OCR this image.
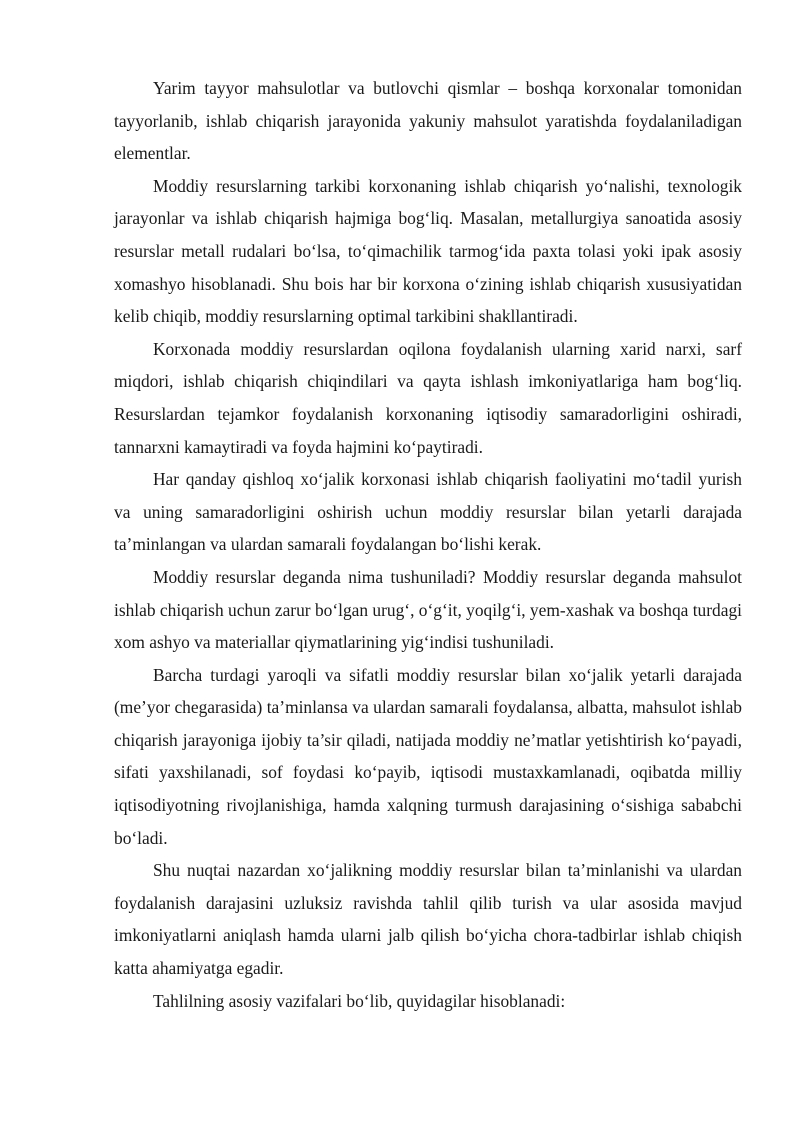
Yarim tayyor mahsulotlar va butlovchi qismlar – boshqa korxonalar tomonidan tayyorlanib, ishlab chiqarish jarayonida yakuniy mahsulot yaratishda foydalaniladigan elementlar.

Moddiy resurslarning tarkibi korxonaning ishlab chiqarish yo‘nalishi, texnologik jarayonlar va ishlab chiqarish hajmiga bog‘liq. Masalan, metallurgiya sanoatida asosiy resurslar metall rudalari bo‘lsa, to‘qimachilik tarmog‘ida paxta tolasi yoki ipak asosiy xomashyo hisoblanadi. Shu bois har bir korxona o‘zining ishlab chiqarish xususiyatidan kelib chiqib, moddiy resurslarning optimal tarkibini shakllantiradi.

Korxonada moddiy resurslardan oqilona foydalanish ularning xarid narxi, sarf miqdori, ishlab chiqarish chiqindilari va qayta ishlash imkoniyatlariga ham bog‘liq. Resurslardan tejamkor foydalanish korxonaning iqtisodiy samaradorligini oshiradi, tannarxni kamaytiradi va foyda hajmini ko‘paytiradi.

Har qanday qishloq xo‘jalik korxonasi ishlab chiqarish faoliyatini mo‘tadil yurish va uning samaradorligini oshirish uchun moddiy resurslar bilan yetarli darajada ta’minlangan va ulardan samarali foydalangan bo‘lishi kerak.

Moddiy resurslar deganda nima tushuniladi? Moddiy resurslar deganda mahsulot ishlab chiqarish uchun zarur bo‘lgan urug‘, o‘g‘it, yoqilg‘i, yem-xashak va boshqa turdagi xom ashyo va materiallar qiymatlarining yig‘indisi tushuniladi.

Barcha turdagi yaroqli va sifatli moddiy resurslar bilan xo‘jalik yetarli darajada (me’yor chegarasida) ta’minlansa va ulardan samarali foydalansa, albatta, mahsulot ishlab chiqarish jarayoniga ijobiy ta’sir qiladi, natijada moddiy ne’matlar yetishtirish ko‘payadi, sifati yaxshilanadi, sof foydasi ko‘payib, iqtisodi mustaxkamlanadi, oqibatda milliy iqtisodiyotning rivojlanishiga, hamda xalqning turmush darajasining o‘sishiga sababchi bo‘ladi.

Shu nuqtai nazardan xo‘jalikning moddiy resurslar bilan ta’minlanishi va ulardan foydalanish darajasini uzluksiz ravishda tahlil qilib turish va ular asosida mavjud imkoniyatlarni aniqlash hamda ularni jalb qilish bo‘yicha chora-tadbirlar ishlab chiqish katta ahamiyatga egadir.

Tahlilning asosiy vazifalari bo‘lib, quyidagilar hisoblanadi:
